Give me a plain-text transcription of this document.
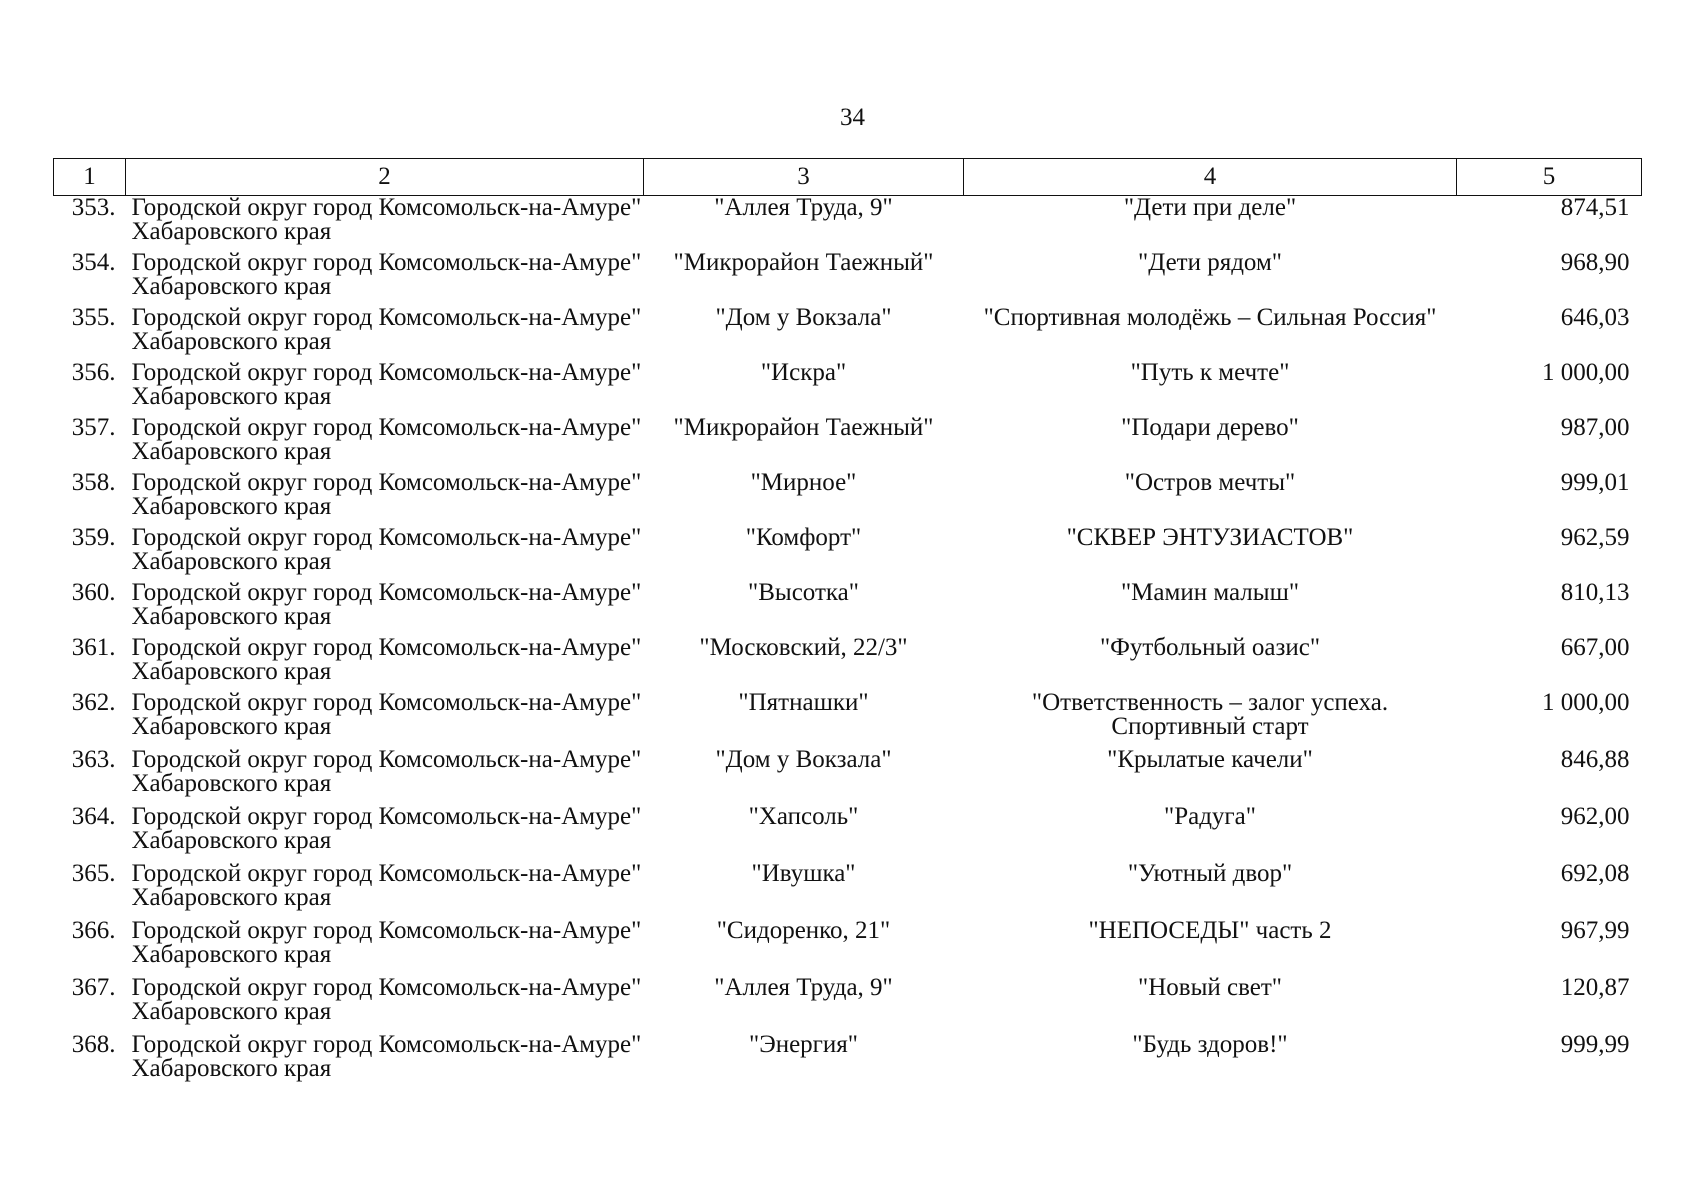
34
1	2	3	4	5
353.	Городской округ город Комсомольск-на-Амуре" Хабаровского края	"Аллея Труда, 9"	"Дети при деле"	874,51
354.	Городской округ город Комсомольск-на-Амуре" Хабаровского края	"Микрорайон Таежный"	"Дети рядом"	968,90
355.	Городской округ город Комсомольск-на-Амуре" Хабаровского края	"Дом у Вокзала"	"Спортивная молодёжь – Сильная Россия"	646,03
356.	Городской округ город Комсомольск-на-Амуре" Хабаровского края	"Искра"	"Путь к мечте"	1 000,00
357.	Городской округ город Комсомольск-на-Амуре" Хабаровского края	"Микрорайон Таежный"	"Подари дерево"	987,00
358.	Городской округ город Комсомольск-на-Амуре" Хабаровского края	"Мирное"	"Остров мечты"	999,01
359.	Городской округ город Комсомольск-на-Амуре" Хабаровского края	"Комфорт"	"СКВЕР ЭНТУЗИАСТОВ"	962,59
360.	Городской округ город Комсомольск-на-Амуре" Хабаровского края	"Высотка"	"Мамин малыш"	810,13
361.	Городской округ город Комсомольск-на-Амуре" Хабаровского края	"Московский, 22/3"	"Футбольный оазис"	667,00
362.	Городской округ город Комсомольск-на-Амуре" Хабаровского края	"Пятнашки"	"Ответственность – залог успеха. Спортивный старт	1 000,00
363.	Городской округ город Комсомольск-на-Амуре" Хабаровского края	"Дом у Вокзала"	"Крылатые качели"	846,88
364.	Городской округ город Комсомольск-на-Амуре" Хабаровского края	"Хапсоль"	"Радуга"	962,00
365.	Городской округ город Комсомольск-на-Амуре" Хабаровского края	"Ивушка"	"Уютный двор"	692,08
366.	Городской округ город Комсомольск-на-Амуре" Хабаровского края	"Сидоренко, 21"	"НЕПОСЕДЫ" часть 2	967,99
367.	Городской округ город Комсомольск-на-Амуре" Хабаровского края	"Аллея Труда, 9"	"Новый свет"	120,87
368.	Городской округ город Комсомольск-на-Амуре" Хабаровского края	"Энергия"	"Будь здоров!"	999,99
